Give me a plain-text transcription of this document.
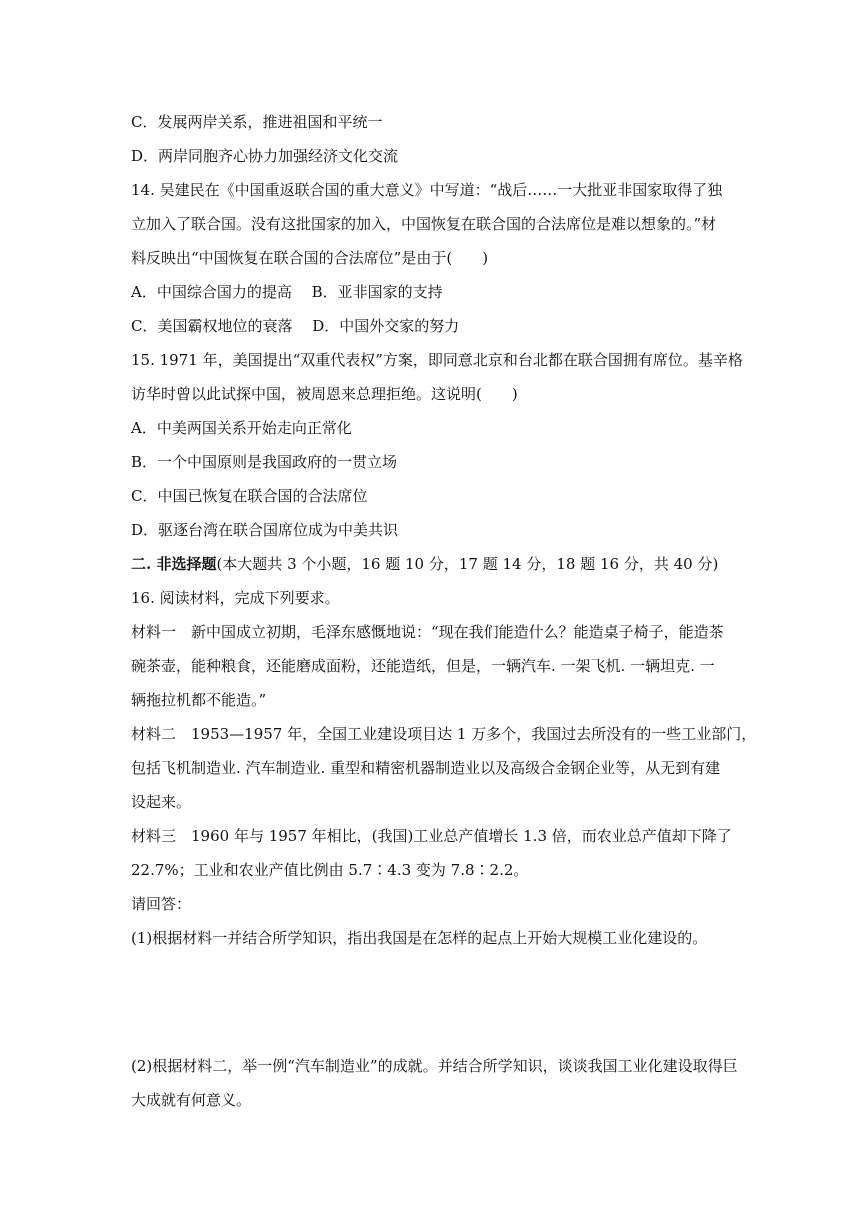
C．发展两岸关系，推进祖国和平统一
D．两岸同胞齐心协力加强经济文化交流
14. 吴建民在《中国重返联合国的重大意义》中写道：“战后……一大批亚非国家取得了独
立加入了联合国。没有这批国家的加入，中国恢复在联合国的合法席位是难以想象的。”材
料反映出“中国恢复在联合国的合法席位”是由于(　　)
A．中国综合国力的提高　 B．亚非国家的支持
C．美国霸权地位的衰落　 D．中国外交家的努力
15. 1971 年，美国提出“双重代表权”方案，即同意北京和台北都在联合国拥有席位。基辛格
访华时曾以此试探中国，被周恩来总理拒绝。这说明(　　)
A．中美两国关系开始走向正常化
B．一个中国原则是我国政府的一贯立场
C．中国已恢复在联合国的合法席位
D．驱逐台湾在联合国席位成为中美共识
二. 非选择题(本大题共 3 个小题，16 题 10 分，17 题 14 分，18 题 16 分，共 40 分)
16. 阅读材料，完成下列要求。
材料一　新中国成立初期，毛泽东感慨地说：“现在我们能造什么？能造桌子椅子，能造茶
碗茶壶，能种粮食，还能磨成面粉，还能造纸，但是，一辆汽车. 一架飞机. 一辆坦克. 一
辆拖拉机都不能造。”
材料二　1953—1957 年，全国工业建设项目达 1 万多个，我国过去所没有的一些工业部门，
包括飞机制造业. 汽车制造业. 重型和精密机器制造业以及高级合金钢企业等，从无到有建
设起来。
材料三　1960 年与 1957 年相比，(我国)工业总产值增长 1.3 倍，而农业总产值却下降了
22.7%；工业和农业产值比例由 5.7∶4.3 变为 7.8∶2.2。
请回答：
(1)根据材料一并结合所学知识，指出我国是在怎样的起点上开始大规模工业化建设的。
(2)根据材料二，举一例“汽车制造业”的成就。并结合所学知识，谈谈我国工业化建设取得巨
大成就有何意义。
